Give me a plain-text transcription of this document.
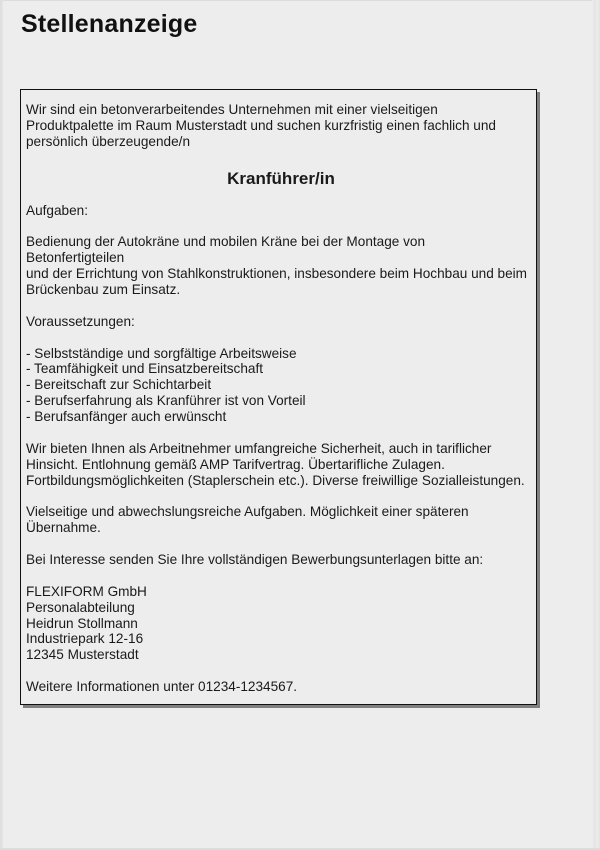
Stellenanzeige

Wir sind ein betonverarbeitendes Unternehmen mit einer vielseitigen

Produktpalette im Raum Musterstadt und suchen kurzfristig einen fachlich und

persönlich überzeugende/n

Kranführer/in

Aufgaben:

Bedienung der Autokräne und mobilen Kräne bei der Montage von

Betonfertigteilen

und der Errichtung von Stahlkonstruktionen, insbesondere beim Hochbau und beim

Brückenbau zum Einsatz.

Voraussetzungen:

- Selbstständige und sorgfältige Arbeitsweise

- Teamfähigkeit und Einsatzbereitschaft

- Bereitschaft zur Schichtarbeit

- Berufserfahrung als Kranführer ist von Vorteil

- Berufsanfänger auch erwünscht

Wir bieten Ihnen als Arbeitnehmer umfangreiche Sicherheit, auch in tariflicher

Hinsicht. Entlohnung gemäß AMP Tarifvertrag. Übertarifliche Zulagen.

Fortbildungsmöglichkeiten (Staplerschein etc.). Diverse freiwillige Sozialleistungen.

Vielseitige und abwechslungsreiche Aufgaben. Möglichkeit einer späteren

Übernahme.

Bei Interesse senden Sie Ihre vollständigen Bewerbungsunterlagen bitte an:

FLEXIFORM GmbH

Personalabteilung

Heidrun Stollmann

Industriepark 12-16

12345 Musterstadt

Weitere Informationen unter 01234-1234567.
